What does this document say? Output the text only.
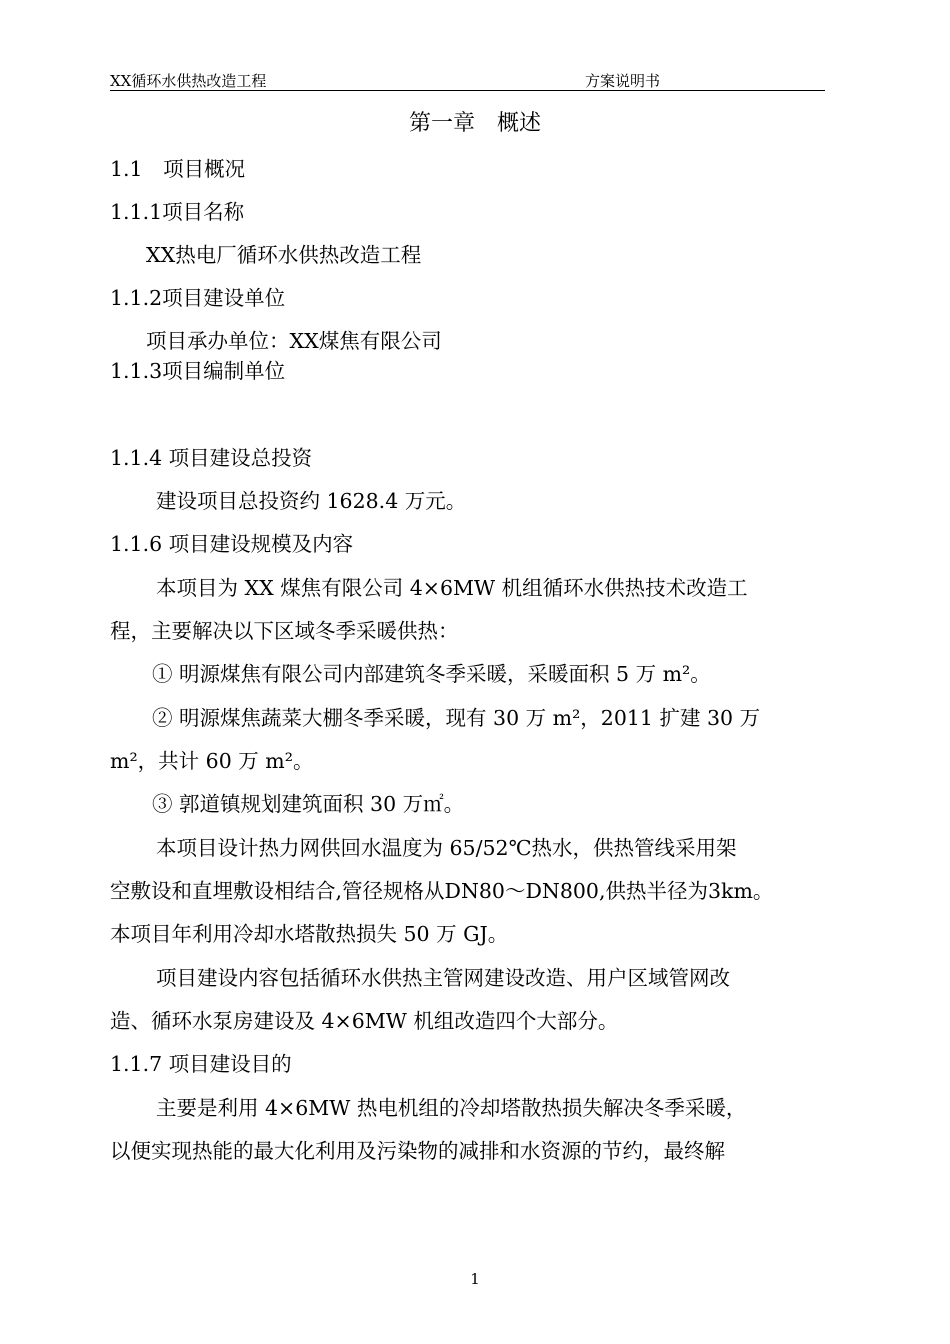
XX循环水供热改造工程	方案说明书
第一章　概述
1.1　项目概况
1.1.1项目名称
XX热电厂循环水供热改造工程
1.1.2项目建设单位
项目承办单位：XX煤焦有限公司
1.1.3项目编制单位
1.1.4 项目建设总投资
建设项目总投资约 1628.4 万元。
1.1.6 项目建设规模及内容
本项目为 XX 煤焦有限公司 4×6MW 机组循环水供热技术改造工
程，主要解决以下区域冬季采暖供热：
① 明源煤焦有限公司内部建筑冬季采暖，采暖面积 5 万 m²。
② 明源煤焦蔬菜大棚冬季采暖，现有 30 万 m²，2011 扩建 30 万
m²，共计 60 万 m²。
③ 郭道镇规划建筑面积 30 万㎡。
本项目设计热力网供回水温度为 65/52℃热水，供热管线采用架
空敷设和直埋敷设相结合,管径规格从DN80～DN800,供热半径为3km。
本项目年利用冷却水塔散热损失 50 万 GJ。
项目建设内容包括循环水供热主管网建设改造、用户区域管网改
造、循环水泵房建设及 4×6MW 机组改造四个大部分。
1.1.7 项目建设目的
主要是利用 4×6MW 热电机组的冷却塔散热损失解决冬季采暖，
以便实现热能的最大化利用及污染物的减排和水资源的节约，最终解
1
